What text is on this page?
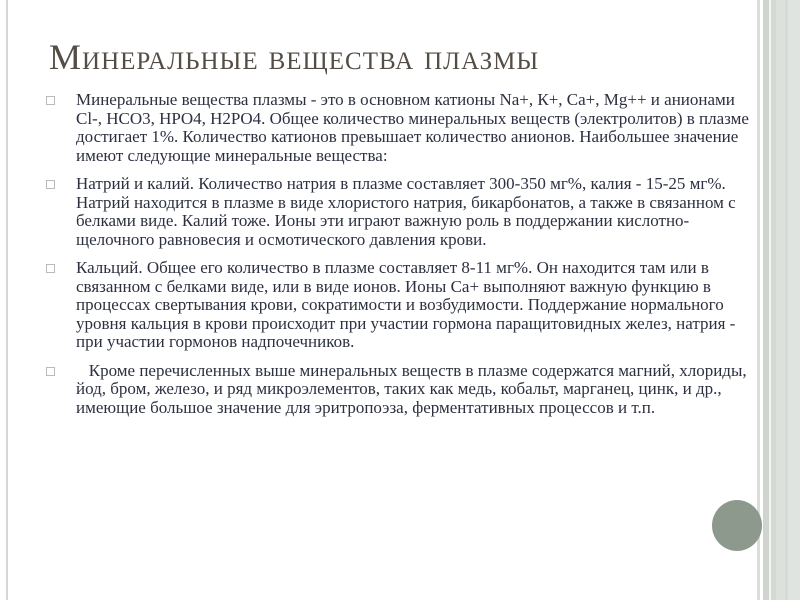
Минеральные вещества плазмы

Минеральные вещества плазмы - это в основном катионы Na+, К+, Са+, Mg++ и анионами Cl-, HCO3, HPO4, H2PO4. Общее количество минеральных веществ (электролитов) в плазме достигает 1%. Количество катионов превышает количество анионов. Наибольшее значение имеют следующие минеральные вещества:

Натрий и калий. Количество натрия в плазме составляет 300-350 мг%, калия - 15-25 мг%. Натрий находится в плазме в виде хлористого натрия, бикарбонатов, а также в связанном с белками виде. Калий тоже. Ионы эти играют важную роль в поддержании кислотно-щелочного равновесия и осмотического давления крови.

Кальций. Общее его количество в плазме составляет 8-11 мг%. Он находится там или в связанном с белками виде, или в виде ионов. Ионы Са+ выполняют важную функцию в процессах свертывания крови, сократимости и возбудимости. Поддержание нормального уровня кальция в крови происходит при участии гормона паращитовидных желез, натрия - при участии гормонов надпочечников.

Кроме перечисленных выше минеральных веществ в плазме содержатся магний, хлориды, йод, бром, железо, и ряд микроэлементов, таких как медь, кобальт, марганец, цинк, и др., имеющие большое значение для эритропоэза, ферментативных процессов и т.п.
